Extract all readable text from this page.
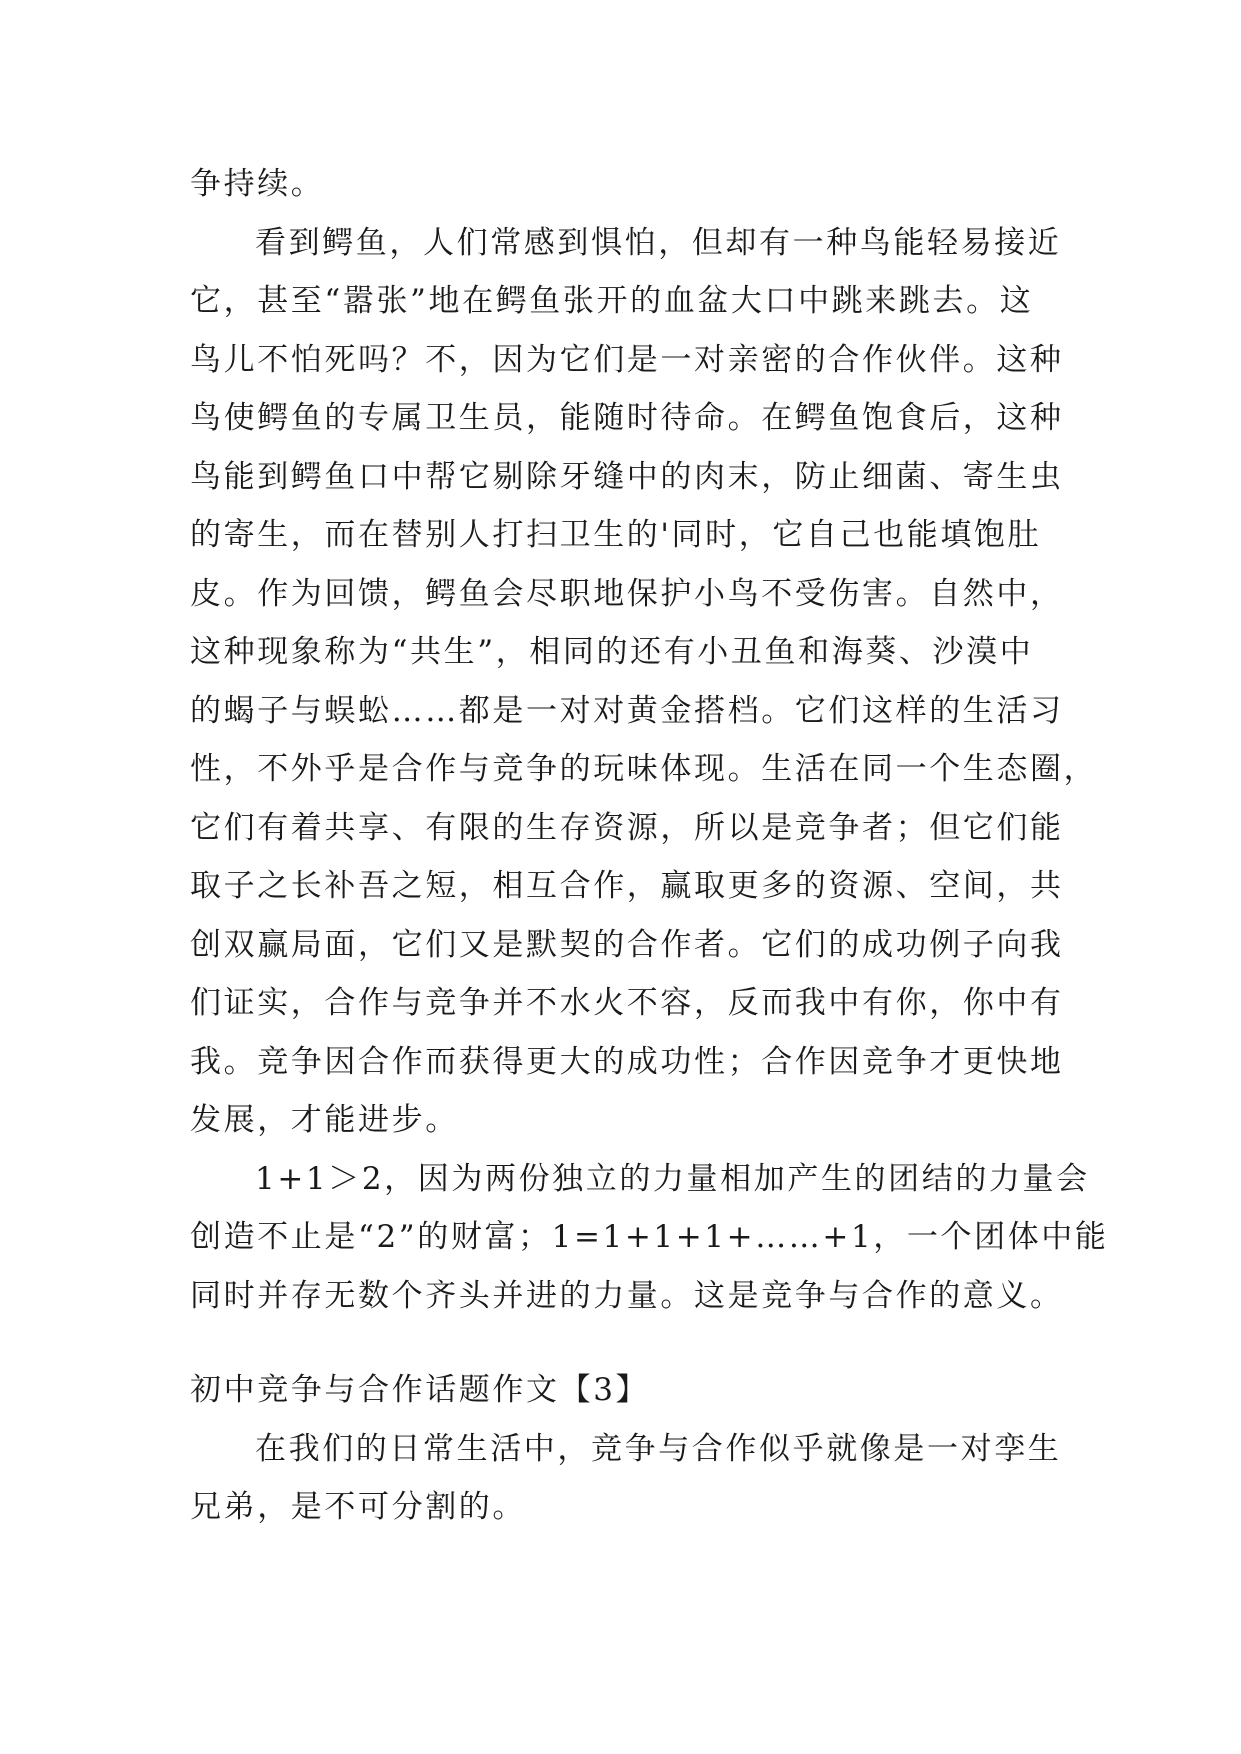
争持续。
看到鳄鱼，人们常感到惧怕，但却有一种鸟能轻易接近
它，甚至“嚣张”地在鳄鱼张开的血盆大口中跳来跳去。这
鸟儿不怕死吗？不，因为它们是一对亲密的合作伙伴。这种
鸟使鳄鱼的专属卫生员，能随时待命。在鳄鱼饱食后，这种
鸟能到鳄鱼口中帮它剔除牙缝中的肉末，防止细菌、寄生虫
的寄生，而在替别人打扫卫生的'同时，它自己也能填饱肚
皮。作为回馈，鳄鱼会尽职地保护小鸟不受伤害。自然中，
这种现象称为“共生”，相同的还有小丑鱼和海葵、沙漠中
的蝎子与蜈蚣……都是一对对黄金搭档。它们这样的生活习
性，不外乎是合作与竞争的玩味体现。生活在同一个生态圈，
它们有着共享、有限的生存资源，所以是竞争者；但它们能
取子之长补吾之短，相互合作，赢取更多的资源、空间，共
创双赢局面，它们又是默契的合作者。它们的成功例子向我
们证实，合作与竞争并不水火不容，反而我中有你，你中有
我。竞争因合作而获得更大的成功性；合作因竞争才更快地
发展，才能进步。
1+1＞2，因为两份独立的力量相加产生的团结的力量会
创造不止是“2”的财富；1=1+1+1+……+1，一个团体中能
同时并存无数个齐头并进的力量。这是竞争与合作的意义。
初中竞争与合作话题作文【3】
在我们的日常生活中，竞争与合作似乎就像是一对孪生
兄弟，是不可分割的。
